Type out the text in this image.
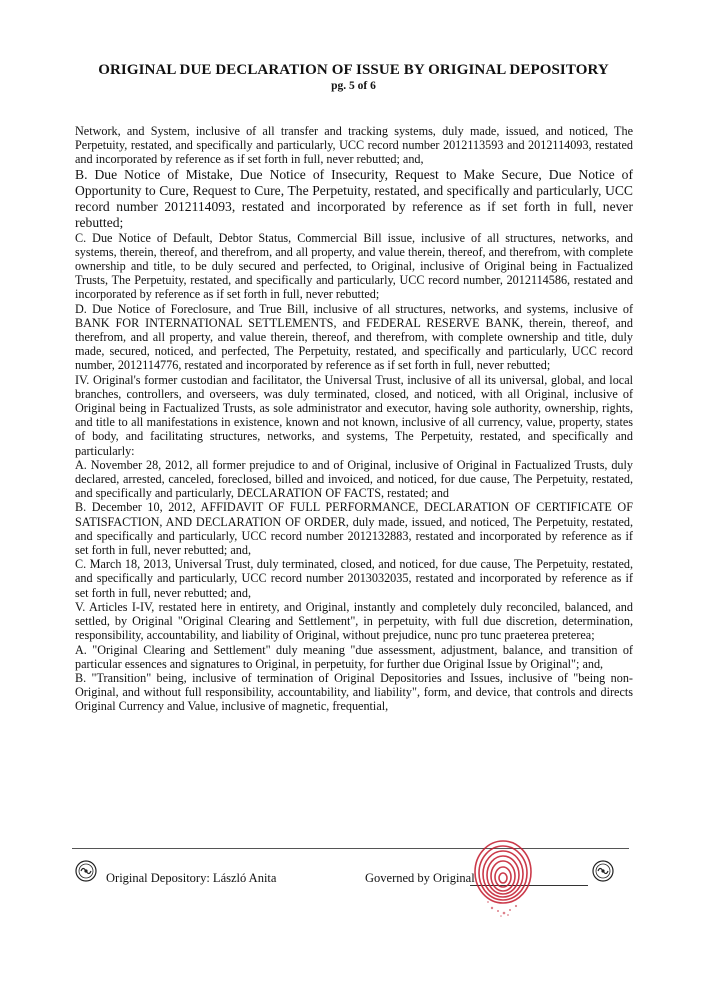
ORIGINAL DUE DECLARATION OF ISSUE BY ORIGINAL DEPOSITORY
pg. 5 of 6

Network, and System, inclusive of all transfer and tracking systems, duly made, issued, and noticed, The Perpetuity, restated, and specifically and particularly, UCC record number 2012113593 and 2012114093, restated and incorporated by reference as if set forth in full, never rebutted; and,

B. Due Notice of Mistake, Due Notice of Insecurity, Request to Make Secure, Due Notice of Opportunity to Cure, Request to Cure, The Perpetuity, restated, and specifically and particularly, UCC record number 2012114093, restated and incorporated by reference as if set forth in full, never rebutted;

C. Due Notice of Default, Debtor Status, Commercial Bill issue, inclusive of all structures, networks, and systems, therein, thereof, and therefrom, and all property, and value therein, thereof, and therefrom, with complete ownership and title, to be duly secured and perfected, to Original, inclusive of Original being in Factualized Trusts, The Perpetuity, restated, and specifically and particularly, UCC record number, 2012114586, restated and incorporated by reference as if set forth in full, never rebutted;

D. Due Notice of Foreclosure, and True Bill, inclusive of all structures, networks, and systems, inclusive of BANK FOR INTERNATIONAL SETTLEMENTS, and FEDERAL RESERVE BANK, therein, thereof, and therefrom, and all property, and value therein, thereof, and therefrom, with complete ownership and title, duly made, secured, noticed, and perfected, The Perpetuity, restated, and specifically and particularly, UCC record number, 2012114776, restated and incorporated by reference as if set forth in full, never rebutted;

IV. Original's former custodian and facilitator, the Universal Trust, inclusive of all its universal, global, and local branches, controllers, and overseers, was duly terminated, closed, and noticed, with all Original, inclusive of Original being in Factualized Trusts, as sole administrator and executor, having sole authority, ownership, rights, and title to all manifestations in existence, known and not known, inclusive of all currency, value, property, states of body, and facilitating structures, networks, and systems, The Perpetuity, restated, and specifically and particularly:

A. November 28, 2012, all former prejudice to and of Original, inclusive of Original in Factualized Trusts, duly declared, arrested, canceled, foreclosed, billed and invoiced, and noticed, for due cause, The Perpetuity, restated, and specifically and particularly, DECLARATION OF FACTS, restated; and

B. December 10, 2012, AFFIDAVIT OF FULL PERFORMANCE, DECLARATION OF CERTIFICATE OF SATISFACTION, AND DECLARATION OF ORDER, duly made, issued, and noticed, The Perpetuity, restated, and specifically and particularly, UCC record number 2012132883, restated and incorporated by reference as if set forth in full, never rebutted; and,

C. March 18, 2013, Universal Trust, duly terminated, closed, and noticed, for due cause, The Perpetuity, restated, and specifically and particularly, UCC record number 2013032035, restated and incorporated by reference as if set forth in full, never rebutted; and,

V. Articles I-IV, restated here in entirety, and Original, instantly and completely duly reconciled, balanced, and settled, by Original "Original Clearing and Settlement", in perpetuity, with full due discretion, determination, responsibility, accountability, and liability of Original, without prejudice, nunc pro tunc praeterea preterea;

A. "Original Clearing and Settlement" duly meaning "due assessment, adjustment, balance, and transition of particular essences and signatures to Original, in perpetuity, for further due Original Issue by Original"; and,

B. "Transition" being, inclusive of termination of Original Depositories and Issues, inclusive of "being non-Original, and without full responsibility, accountability, and liability", form, and device, that controls and directs Original Currency and Value, inclusive of magnetic, frequential,

Original Depository: László Anita	Governed by Original
